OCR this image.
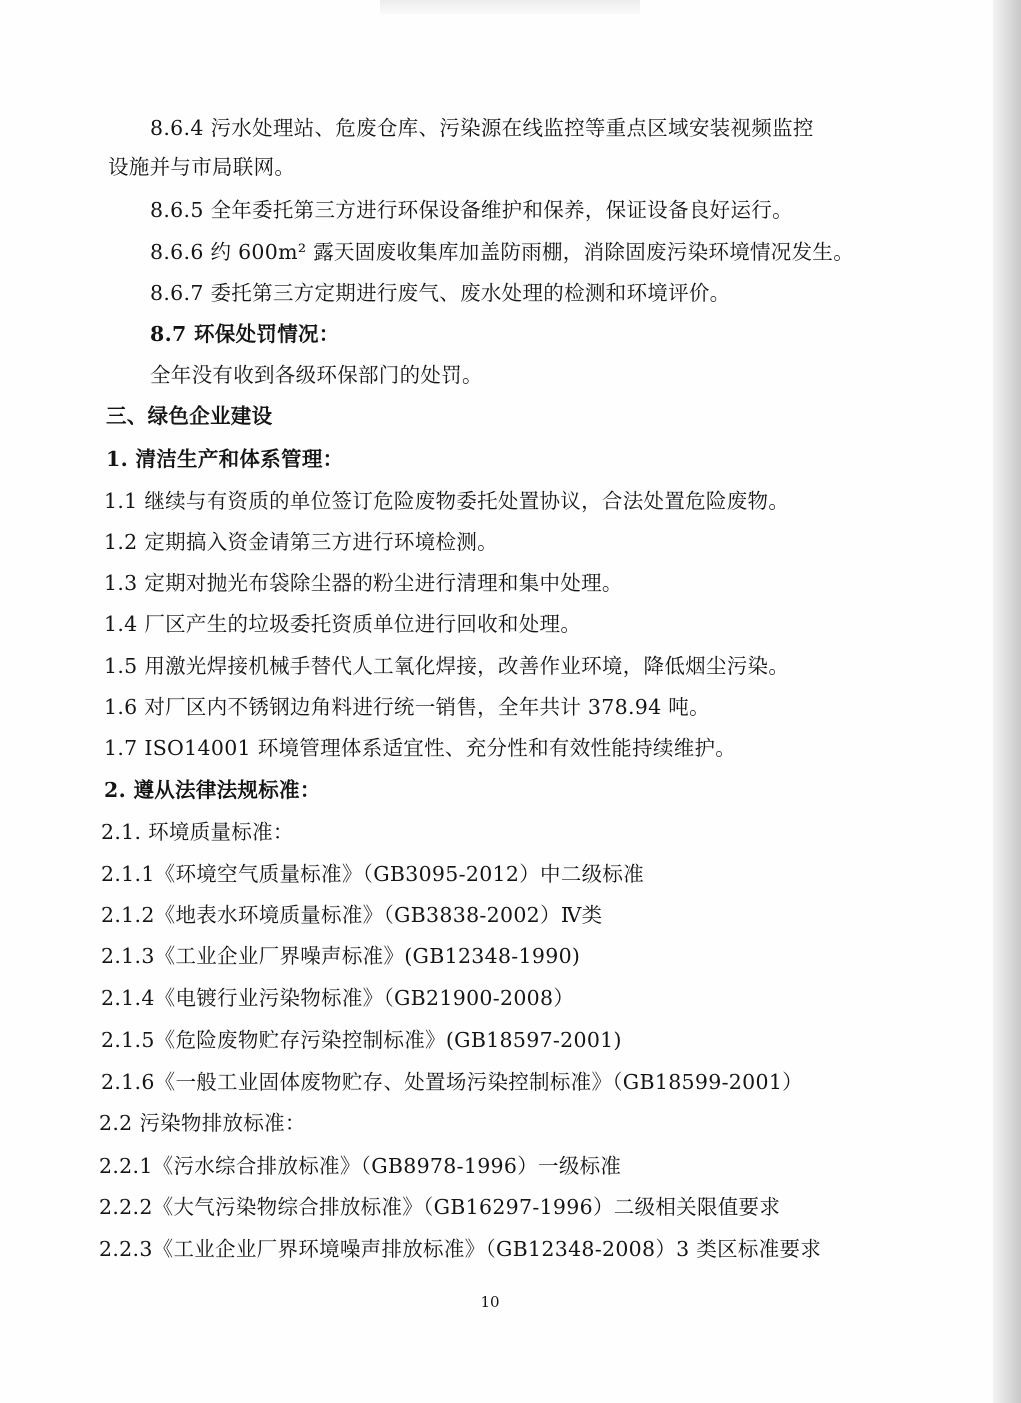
8.6.4 污水处理站、危废仓库、污染源在线监控等重点区域安装视频监控
设施并与市局联网。
8.6.5 全年委托第三方进行环保设备维护和保养，保证设备良好运行。
8.6.6 约 600m² 露天固废收集库加盖防雨棚，消除固废污染环境情况发生。
8.6.7 委托第三方定期进行废气、废水处理的检测和环境评价。
8.7 环保处罚情况：
全年没有收到各级环保部门的处罚。
三、绿色企业建设
1. 清洁生产和体系管理：
1.1 继续与有资质的单位签订危险废物委托处置协议，合法处置危险废物。
1.2 定期搞入资金请第三方进行环境检测。
1.3 定期对抛光布袋除尘器的粉尘进行清理和集中处理。
1.4 厂区产生的垃圾委托资质单位进行回收和处理。
1.5 用激光焊接机械手替代人工氧化焊接，改善作业环境，降低烟尘污染。
1.6 对厂区内不锈钢边角料进行统一销售，全年共计 378.94 吨。
1.7 ISO14001 环境管理体系适宜性、充分性和有效性能持续维护。
2. 遵从法律法规标准：
2.1. 环境质量标准：
2.1.1《环境空气质量标准》（GB3095-2012）中二级标准
2.1.2《地表水环境质量标准》（GB3838-2002）Ⅳ类
2.1.3《工业企业厂界噪声标准》(GB12348-1990)
2.1.4《电镀行业污染物标准》（GB21900-2008）
2.1.5《危险废物贮存污染控制标准》(GB18597-2001)
2.1.6《一般工业固体废物贮存、处置场污染控制标准》（GB18599-2001）
2.2 污染物排放标准：
2.2.1《污水综合排放标准》（GB8978-1996）一级标准
2.2.2《大气污染物综合排放标准》（GB16297-1996）二级相关限值要求
2.2.3《工业企业厂界环境噪声排放标准》（GB12348-2008）3 类区标准要求
10
